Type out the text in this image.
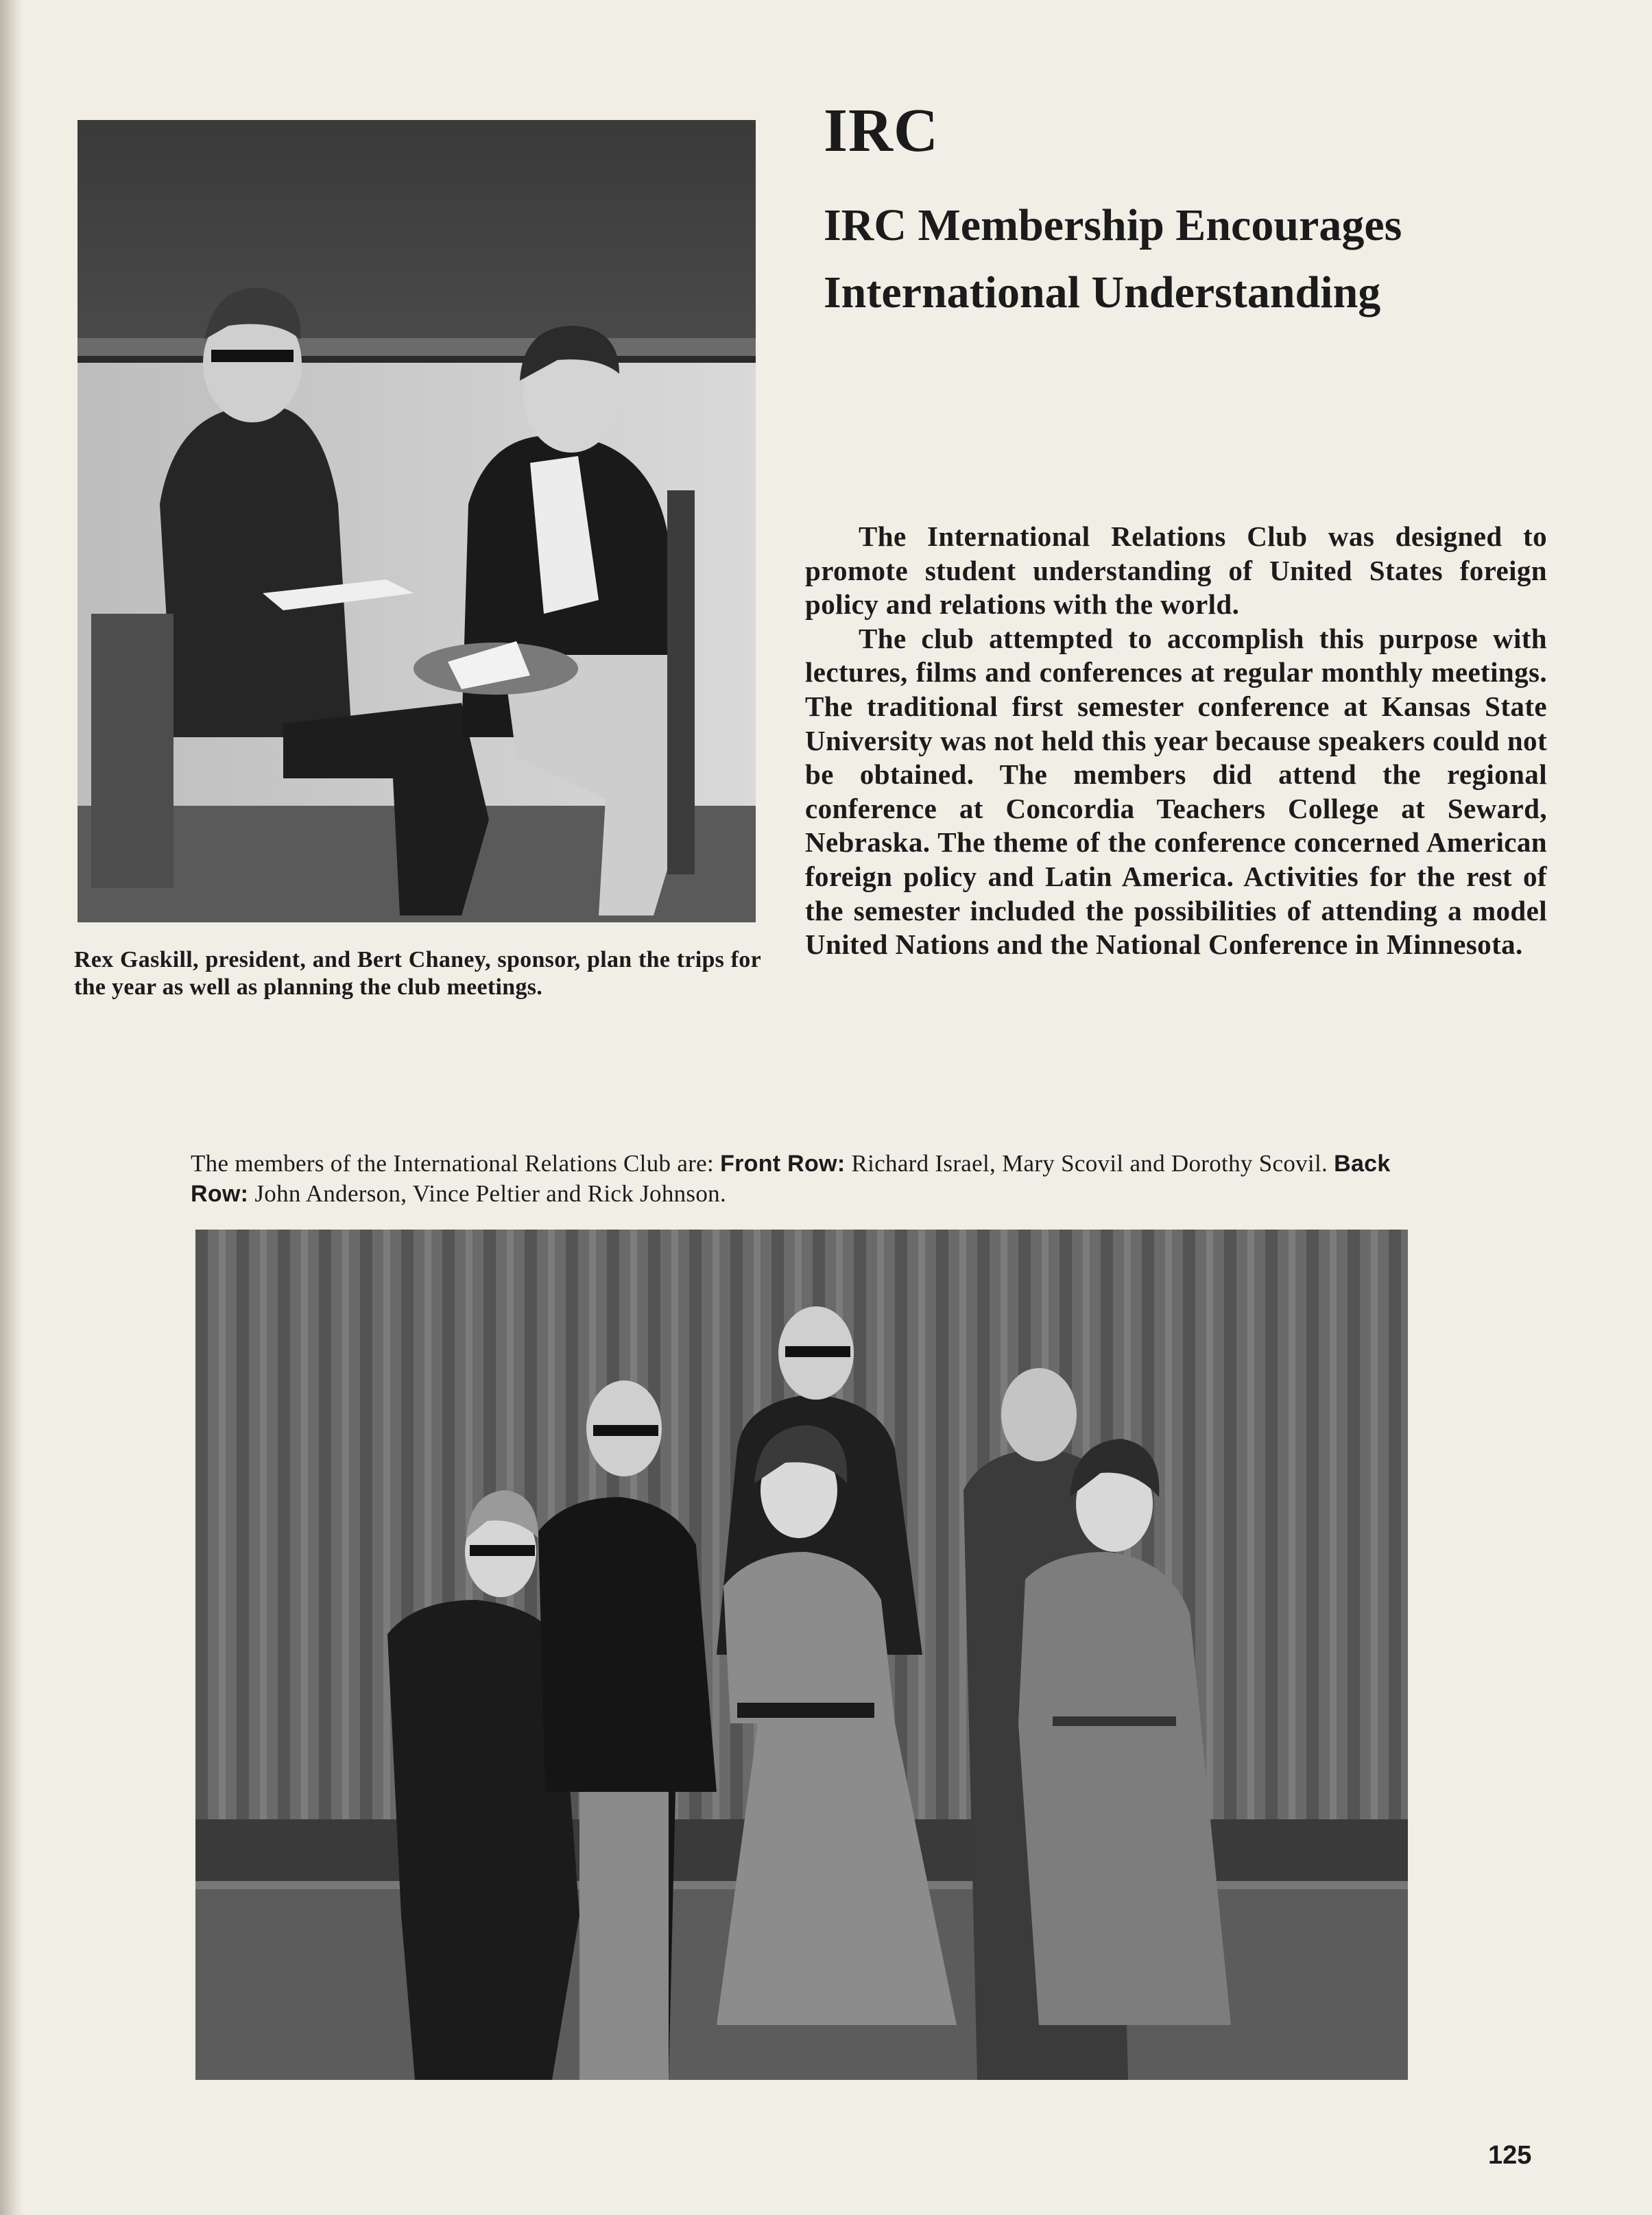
IRC
IRC Membership Encourages
International Understanding

The International Relations Club was designed to promote student understanding of United States foreign policy and relations with the world.

The club attempted to accomplish this purpose with lectures, films and conferences at regular monthly meetings. The traditional first semester conference at Kansas State University was not held this year because speakers could not be obtained. The members did attend the regional conference at Concordia Teachers College at Seward, Nebraska. The theme of the conference concerned American foreign policy and Latin America. Activities for the rest of the semester included the possibilities of attending a model United Nations and the National Conference in Minnesota.

Rex Gaskill, president, and Bert Chaney, sponsor, plan the trips for the year as well as planning the club meetings.
The members of the International Relations Club are: Front Row: Richard Israel, Mary Scovil and Dorothy Scovil. Back Row: John Anderson, Vince Peltier and Rick Johnson.
125
